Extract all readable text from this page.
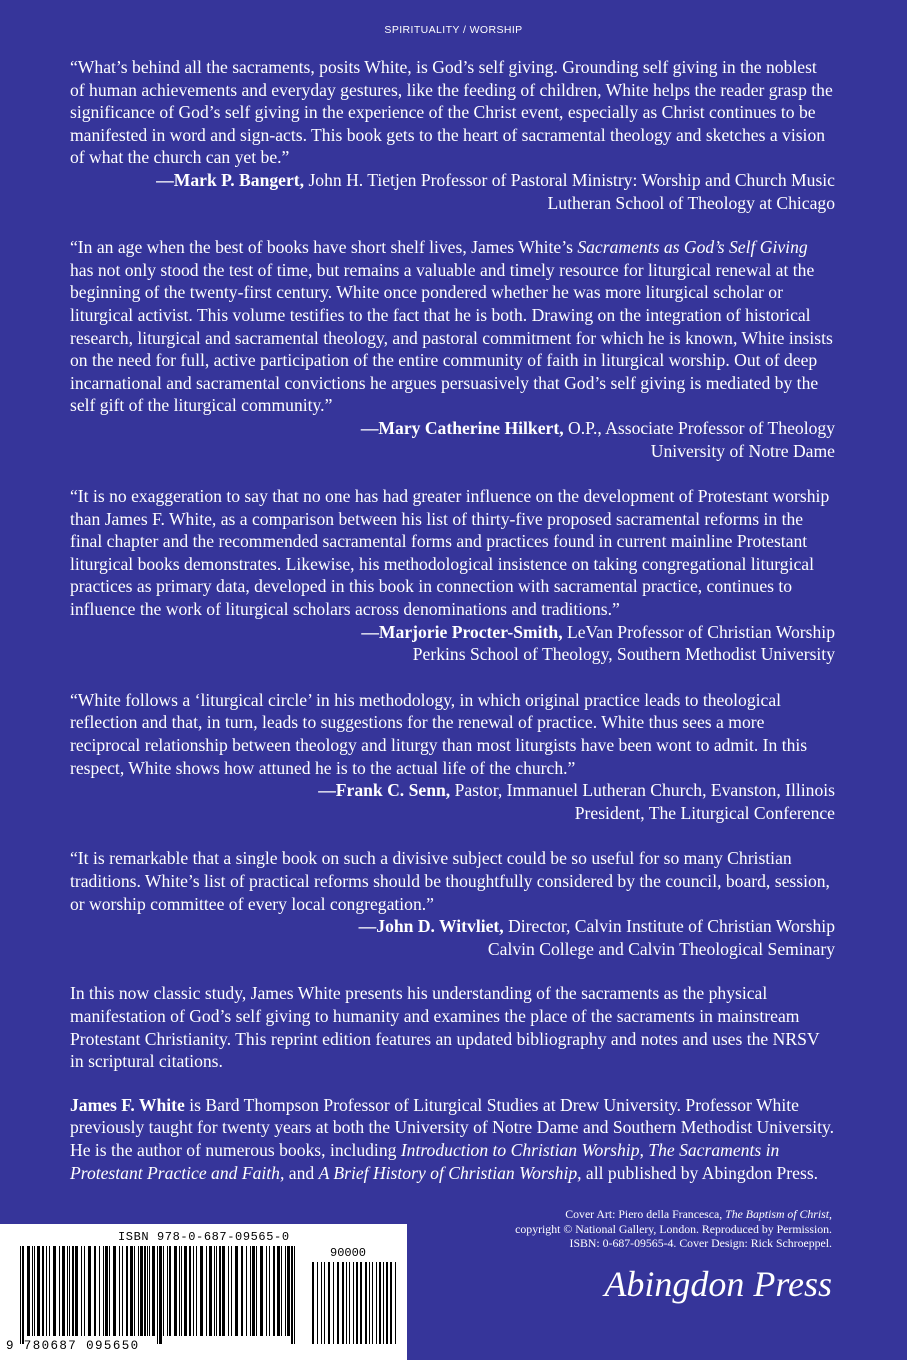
SPIRITUALITY / WORSHIP

“What’s behind all the sacraments, posits White, is God’s self giving. Grounding self giving in the noblest of human achievements and everyday gestures, like the feeding of children, White helps the reader grasp the significance of God’s self giving in the experience of the Christ event, especially as Christ continues to be manifested in word and sign-acts. This book gets to the heart of sacramental theology and sketches a vision of what the church can yet be.”

—Mark P. Bangert, John H. Tietjen Professor of Pastoral Ministry: Worship and Church Music
Lutheran School of Theology at Chicago

“In an age when the best of books have short shelf lives, James White’s Sacraments as God’s Self Giving has not only stood the test of time, but remains a valuable and timely resource for liturgical renewal at the beginning of the twenty-first century. White once pondered whether he was more liturgical scholar or liturgical activist. This volume testifies to the fact that he is both. Drawing on the integration of historical research, liturgical and sacramental theology, and pastoral commitment for which he is known, White insists on the need for full, active participation of the entire community of faith in liturgical worship. Out of deep incarnational and sacramental convictions he argues persuasively that God’s self giving is mediated by the self gift of the liturgical community.”

—Mary Catherine Hilkert, O.P., Associate Professor of Theology
University of Notre Dame

“It is no exaggeration to say that no one has had greater influence on the development of Protestant worship than James F. White, as a comparison between his list of thirty-five proposed sacramental reforms in the final chapter and the recommended sacramental forms and practices found in current mainline Protestant liturgical books demonstrates. Likewise, his methodological insistence on taking congregational liturgical practices as primary data, developed in this book in connection with sacramental practice, continues to influence the work of liturgical scholars across denominations and traditions.”

—Marjorie Procter-Smith, LeVan Professor of Christian Worship
Perkins School of Theology, Southern Methodist University

“White follows a ‘liturgical circle’ in his methodology, in which original practice leads to theological reflection and that, in turn, leads to suggestions for the renewal of practice. White thus sees a more reciprocal relationship between theology and liturgy than most liturgists have been wont to admit. In this respect, White shows how attuned he is to the actual life of the church.”

—Frank C. Senn, Pastor, Immanuel Lutheran Church, Evanston, Illinois
President, The Liturgical Conference

“It is remarkable that a single book on such a divisive subject could be so useful for so many Christian traditions. White’s list of practical reforms should be thoughtfully considered by the council, board, session, or worship committee of every local congregation.”

—John D. Witvliet, Director, Calvin Institute of Christian Worship
Calvin College and Calvin Theological Seminary

In this now classic study, James White presents his understanding of the sacraments as the physical manifestation of God’s self giving to humanity and examines the place of the sacraments in mainstream Protestant Christianity. This reprint edition features an updated bibliography and notes and uses the NRSV in scriptural citations.

James F. White is Bard Thompson Professor of Liturgical Studies at Drew University. Professor White previously taught for twenty years at both the University of Notre Dame and Southern Methodist University. He is the author of numerous books, including Introduction to Christian Worship, The Sacraments in Protestant Practice and Faith, and A Brief History of Christian Worship, all published by Abingdon Press.

Cover Art: Piero della Francesca, The Baptism of Christ,
copyright © National Gallery, London. Reproduced by Permission.
ISBN: 0-687-09565-4. Cover Design: Rick Schroeppel.
Abingdon Press
ISBN 978-0-687-09565-0
90000
9 780687 095650
